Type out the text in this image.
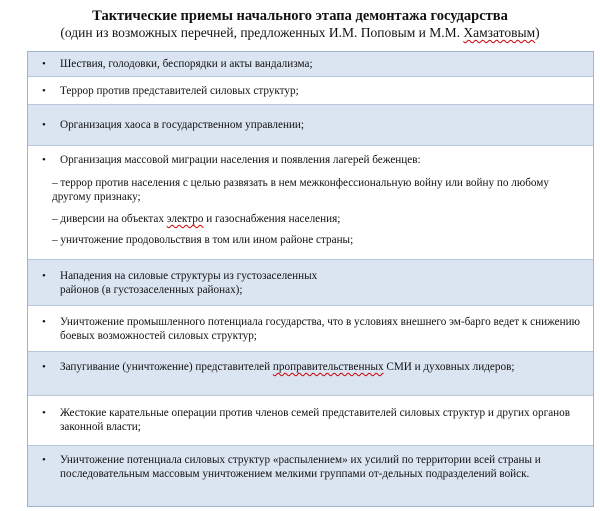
Тактические приемы начального этапа демонтажа государства
(один из возможных перечней, предложенных И.М. Поповым и М.М. Хамзатовым)
• Шествия, голодовки, беспорядки и акты вандализма;
• Террор против представителей силовых структур;
• Организация хаоса в государственном управлении;
• Организация массовой миграции населения и появления лагерей беженцев:
– террор против населения с целью развязать в нем межконфессиональную войну или войну по любому другому признаку;
– диверсии на объектах электро и газоснабжения населения;
– уничтожение продовольствия в том или ином районе страны;
• Нападения на силовые структуры из густозаселенных районов (в густозаселенных районах);
• Уничтожение промышленного потенциала государства, что в условиях внешнего эм-барго ведет к снижению боевых возможностей силовых структур;
• Запугивание (уничтожение) представителей проправительственных СМИ и духовных лидеров;
• Жестокие карательные операции против членов семей представителей силовых структур и других органов законной власти;
• Уничтожение потенциала силовых структур «распылением» их усилий по территории всей страны и последовательным массовым уничтожением мелкими группами от-дельных подразделений войск.
